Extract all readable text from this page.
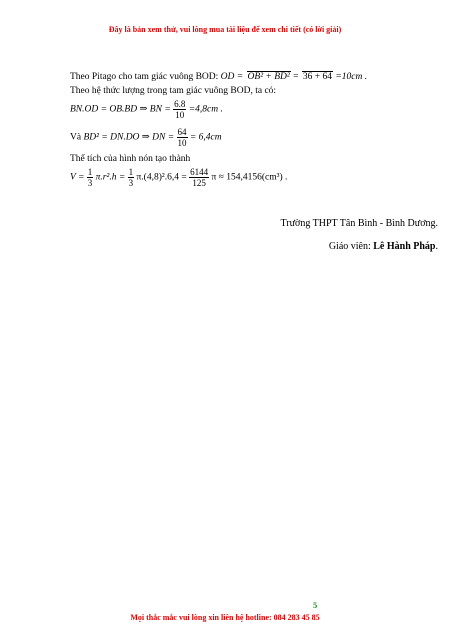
Đây là bản xem thử, vui lòng mua tài liệu để xem chi tiết (có lời giải)
Theo Pitago cho tam giác vuông BOD: OD = OB² + BD² = 36 + 64 =10cm .
Theo hệ thức lượng trong tam giác vuông BOD, ta có:
BN.OD = OB.BD ⇒ BN = $\frac{6.8}{10} =4,8cm$ .
Và BD² = DN.DO ⇒ DN = $\frac{64}{10} = 6,4cm$
Thể tích của hình nón tạo thành
$V = \frac{1}{3} \pi.r^2.h = \frac{1}{3} \pi.(4,8)^2.6,4 = \frac{6144}{125}$ π ≈ 154,4156(cm³) .
Trường THPT Tân Bình - Bình Dương.
Giáo viên: Lê Hành Pháp.
5
Mọi thắc mắc vui lòng xin liên hệ hotline: 084 283 45 85
